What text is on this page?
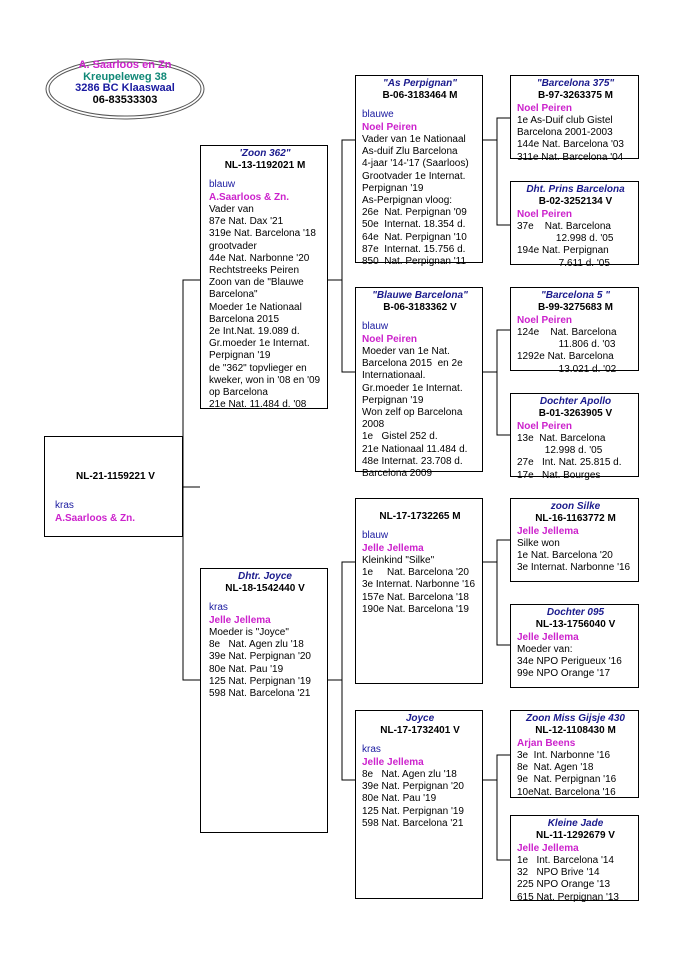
A. Saarloos en Zn
Kreupeleweg 38
3286 BC Klaaswaal
06-83533303
NL-21-1159221 V
kras
A.Saarloos & Zn.
'Zoon 362"
NL-13-1192021 M
blauw
A.Saarloos & Zn.
Vader van
87e Nat. Dax '21
319e Nat. Barcelona '18
grootvader
44e Nat. Narbonne '20
Rechtstreeks Peiren
Zoon van de "Blauwe
Barcelona"
Moeder 1e Nationaal
Barcelona 2015
2e Int.Nat. 19.089 d.
Gr.moeder 1e Internat.
Perpignan '19
de "362" topvlieger en
kweker, won in '08 en '09
op Barcelona
21e Nat. 11.484 d. '08
Dhtr. Joyce
NL-18-1542440 V
kras
Jelle Jellema
Moeder is "Joyce"
8e   Nat. Agen zlu '18
39e Nat. Perpignan '20
80e Nat. Pau '19
125 Nat. Perpignan '19
598 Nat. Barcelona '21
"As Perpignan"
B-06-3183464 M
blauwe
Noel Peiren
Vader van 1e Nationaal
As-duif Zlu Barcelona
4-jaar '14-'17 (Saarloos)
Grootvader 1e Internat.
Perpignan '19
As-Perpignan vloog:
26e  Nat. Perpignan '09
50e  Internat. 18.354 d.
64e  Nat. Perpignan '10
87e  Internat. 15.756 d.
850  Nat. Perpignan '11
"Blauwe Barcelona"
B-06-3183362 V
blauw
Noel Peiren
Moeder van 1e Nat.
Barcelona 2015  en 2e
Internationaal.
Gr.moeder 1e Internat.
Perpignan '19
Won zelf op Barcelona
2008
1e   Gistel 252 d.
21e Nationaal 11.484 d.
48e Internat. 23.708 d.
Barcelona 2009
NL-17-1732265 M
blauw
Jelle Jellema
Kleinkind "Silke"
1e     Nat. Barcelona '20
3e Internat. Narbonne '16
157e Nat. Barcelona '18
190e Nat. Barcelona '19
Joyce
NL-17-1732401 V
kras
Jelle Jellema
8e   Nat. Agen zlu '18
39e Nat. Perpignan '20
80e Nat. Pau '19
125 Nat. Perpignan '19
598 Nat. Barcelona '21
"Barcelona 375"
B-97-3263375 M
Noel Peiren
1e As-Duif club Gistel
Barcelona 2001-2003
144e Nat. Barcelona '03
311e Nat. Barcelona '04
Dht. Prins Barcelona
B-02-3252134 V
Noel Peiren
37e    Nat. Barcelona
12.998 d. '05
194e Nat. Perpignan
7.611 d. '05
"Barcelona 5 "
B-99-3275683 M
Noel Peiren
124e    Nat. Barcelona
11.806 d. '03
1292e Nat. Barcelona
13.021 d. '02
Dochter Apollo
B-01-3263905 V
Noel Peiren
13e  Nat. Barcelona
12.998 d. '05
27e   Int. Nat. 25.815 d.
17e   Nat. Bourges
zoon Silke
NL-16-1163772 M
Jelle Jellema
Silke won
1e Nat. Barcelona '20
3e Internat. Narbonne '16
Dochter 095
NL-13-1756040 V
Jelle Jellema
Moeder van:
34e NPO Perigueux '16
99e NPO Orange '17
Zoon Miss Gijsje 430
NL-12-1108430 M
Arjan Beens
3e  Int. Narbonne '16
8e  Nat. Agen '18
9e  Nat. Perpignan '16
10eNat. Barcelona '16
Kleine Jade
NL-11-1292679 V
Jelle Jellema
1e   Int. Barcelona '14
32   NPO Brive '14
225 NPO Orange '13
615 Nat. Perpignan '13
